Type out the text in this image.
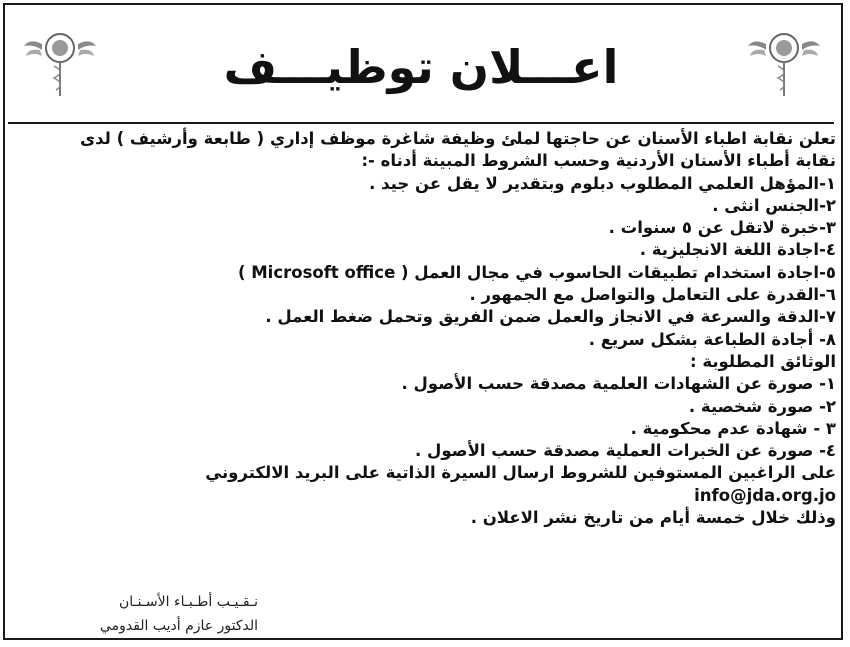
اعـــلان توظيـــف
تعلن نقابة اطباء الأسنان عن حاجتها لملئ وظيفة شاغرة موظف إداري ( طابعة وأرشيف ) لدى
نقابة أطباء الأسنان الأردنية وحسب الشروط المبينة أدناه -:
١-المؤهل العلمي المطلوب دبلوم وبتقدير لا يقل عن جيد .
٢-الجنس انثى .
٣-خبرة لاتقل عن ٥ سنوات .
٤-اجادة اللغة الانجليزية .
٥-اجادة استخدام تطبيقات الحاسوب في مجال العمل ( Microsoft office )
٦-القدرة على التعامل والتواصل مع الجمهور .
٧-الدقة والسرعة في الانجاز والعمل ضمن الفريق وتحمل ضغط العمل .
٨- أجادة الطباعة بشكل سريع .
الوثائق المطلوبة :
١- صورة عن الشهادات العلمية مصدقة حسب الأصول .
٢- صورة شخصية .
٣ - شهادة عدم محكومية .
٤- صورة عن الخبرات العملية مصدقة حسب الأصول .
على الراغبين المستوفين للشروط ارسال السيرة الذاتية على البريد الالكتروني
info@jda.org.jo
وذلك خلال خمسة أيام من تاريخ نشر الاعلان .
نـقـيـب أطـبـاء الأسـنـان
الدكتور عازم أديب القدومي
